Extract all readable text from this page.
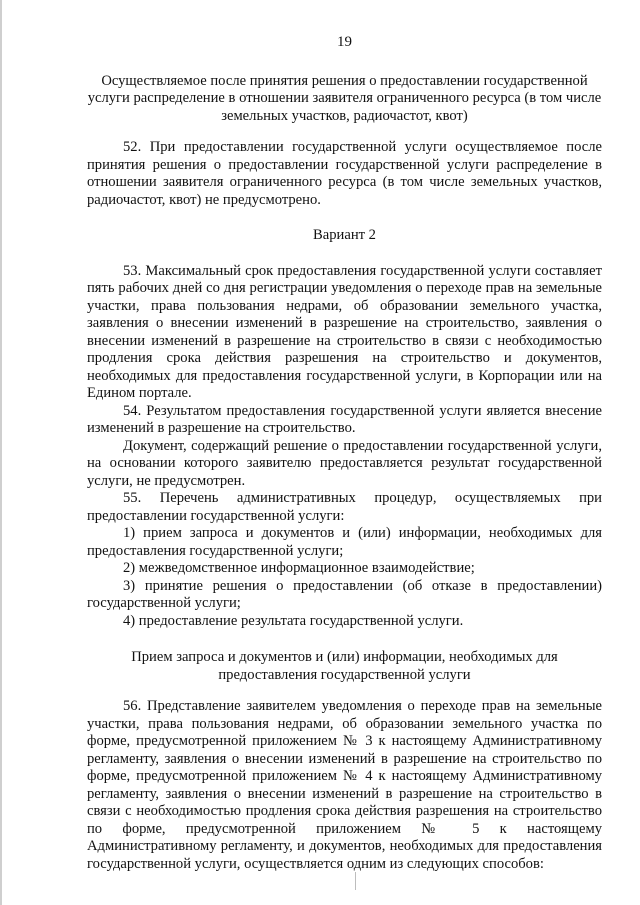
19

Осуществляемое после принятия решения о предоставлении государственной услуги распределение в отношении заявителя ограниченного ресурса (в том числе земельных участков, радиочастот, квот)

52. При предоставлении государственной услуги осуществляемое после принятия решения о предоставлении государственной услуги распределение в отношении заявителя ограниченного ресурса (в том числе земельных участков, радиочастот, квот) не предусмотрено.

Вариант 2

53. Максимальный срок предоставления государственной услуги составляет пять рабочих дней со дня регистрации уведомления о переходе прав на земельные участки, права пользования недрами, об образовании земельного участка, заявления о внесении изменений в разрешение на строительство, заявления о внесении изменений в разрешение на строительство в связи с необходимостью продления срока действия разрешения на строительство и документов, необходимых для предоставления государственной услуги, в Корпорации или на Едином портале.

54. Результатом предоставления государственной услуги является внесение изменений в разрешение на строительство.

Документ, содержащий решение о предоставлении государственной услуги, на основании которого заявителю предоставляется результат государственной услуги, не предусмотрен.

55. Перечень административных процедур, осуществляемых при предоставлении государственной услуги:

1) прием запроса и документов и (или) информации, необходимых для предоставления государственной услуги;

2) межведомственное информационное взаимодействие;

3) принятие решения о предоставлении (об отказе в предоставлении) государственной услуги;

4) предоставление результата государственной услуги.

Прием запроса и документов и (или) информации, необходимых для предоставления государственной услуги

56. Представление заявителем уведомления о переходе прав на земельные участки, права пользования недрами, об образовании земельного участка по форме, предусмотренной приложением № 3 к настоящему Административному регламенту, заявления о внесении изменений в разрешение на строительство по форме, предусмотренной приложением № 4 к настоящему Административному регламенту, заявления о внесении изменений в разрешение на строительство в связи с необходимостью продления срока действия разрешения на строительство по форме, предусмотренной приложением № 5 к настоящему Административному регламенту, и документов, необходимых для предоставления государственной услуги, осуществляется одним из следующих способов:
